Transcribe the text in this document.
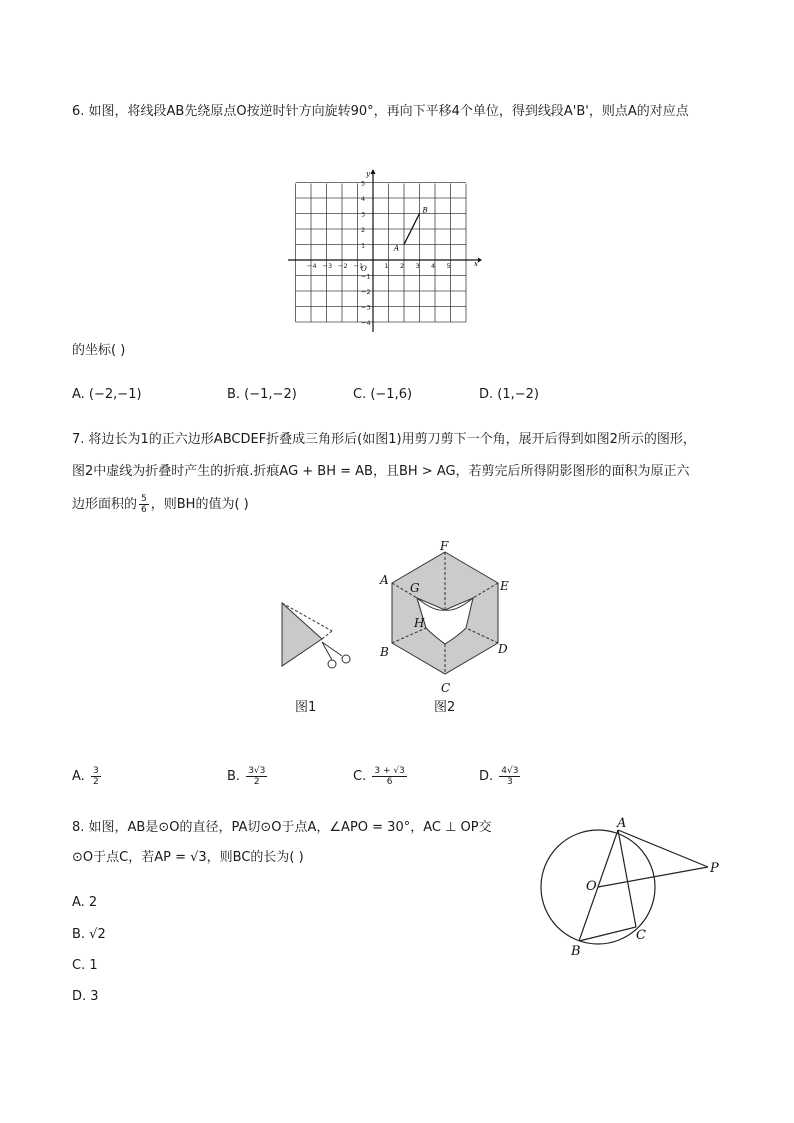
6. 如图，将线段AB先绕原点O按逆时针方向旋转90°，再向下平移4个单位，得到线段A'B'，则点A的对应点
x
y
O
−4 −3 −2 −1	1 2 3 4 5
5
4
3
2
1
−1
−2
−3
−4
A
B
的坐标( )
A. (−2,−1)	B. (−1,−2)	C. (−1,6)	D. (1,−2)
7. 将边长为1的正六边形ABCDEF折叠成三角形后(如图1)用剪刀剪下一个角，展开后得到如图2所示的图形，
图2中虚线为折叠时产生的折痕.折痕AG + BH = AB，且BH > AG，若剪完后所得阴影图形的面积为原正六
边形面积的 $\frac{5}{6}$ ，则BH的值为( )
图1
F
A	E
G
H
B	D
C
图2
A. $\frac{3}{2}$	B. $\frac{3√3}{2}$	C. $\frac{3 + √3}{6}$	D. $\frac{4√3}{3}$
8. 如图，AB是⊙O的直径，PA切⊙O于点A，∠APO = 30°，AC ⊥ OP交
⊙O于点C，若AP = √3，则BC的长为( )
A. 2
B. √2
C. 1
D. 3
A
O
P
B
C
